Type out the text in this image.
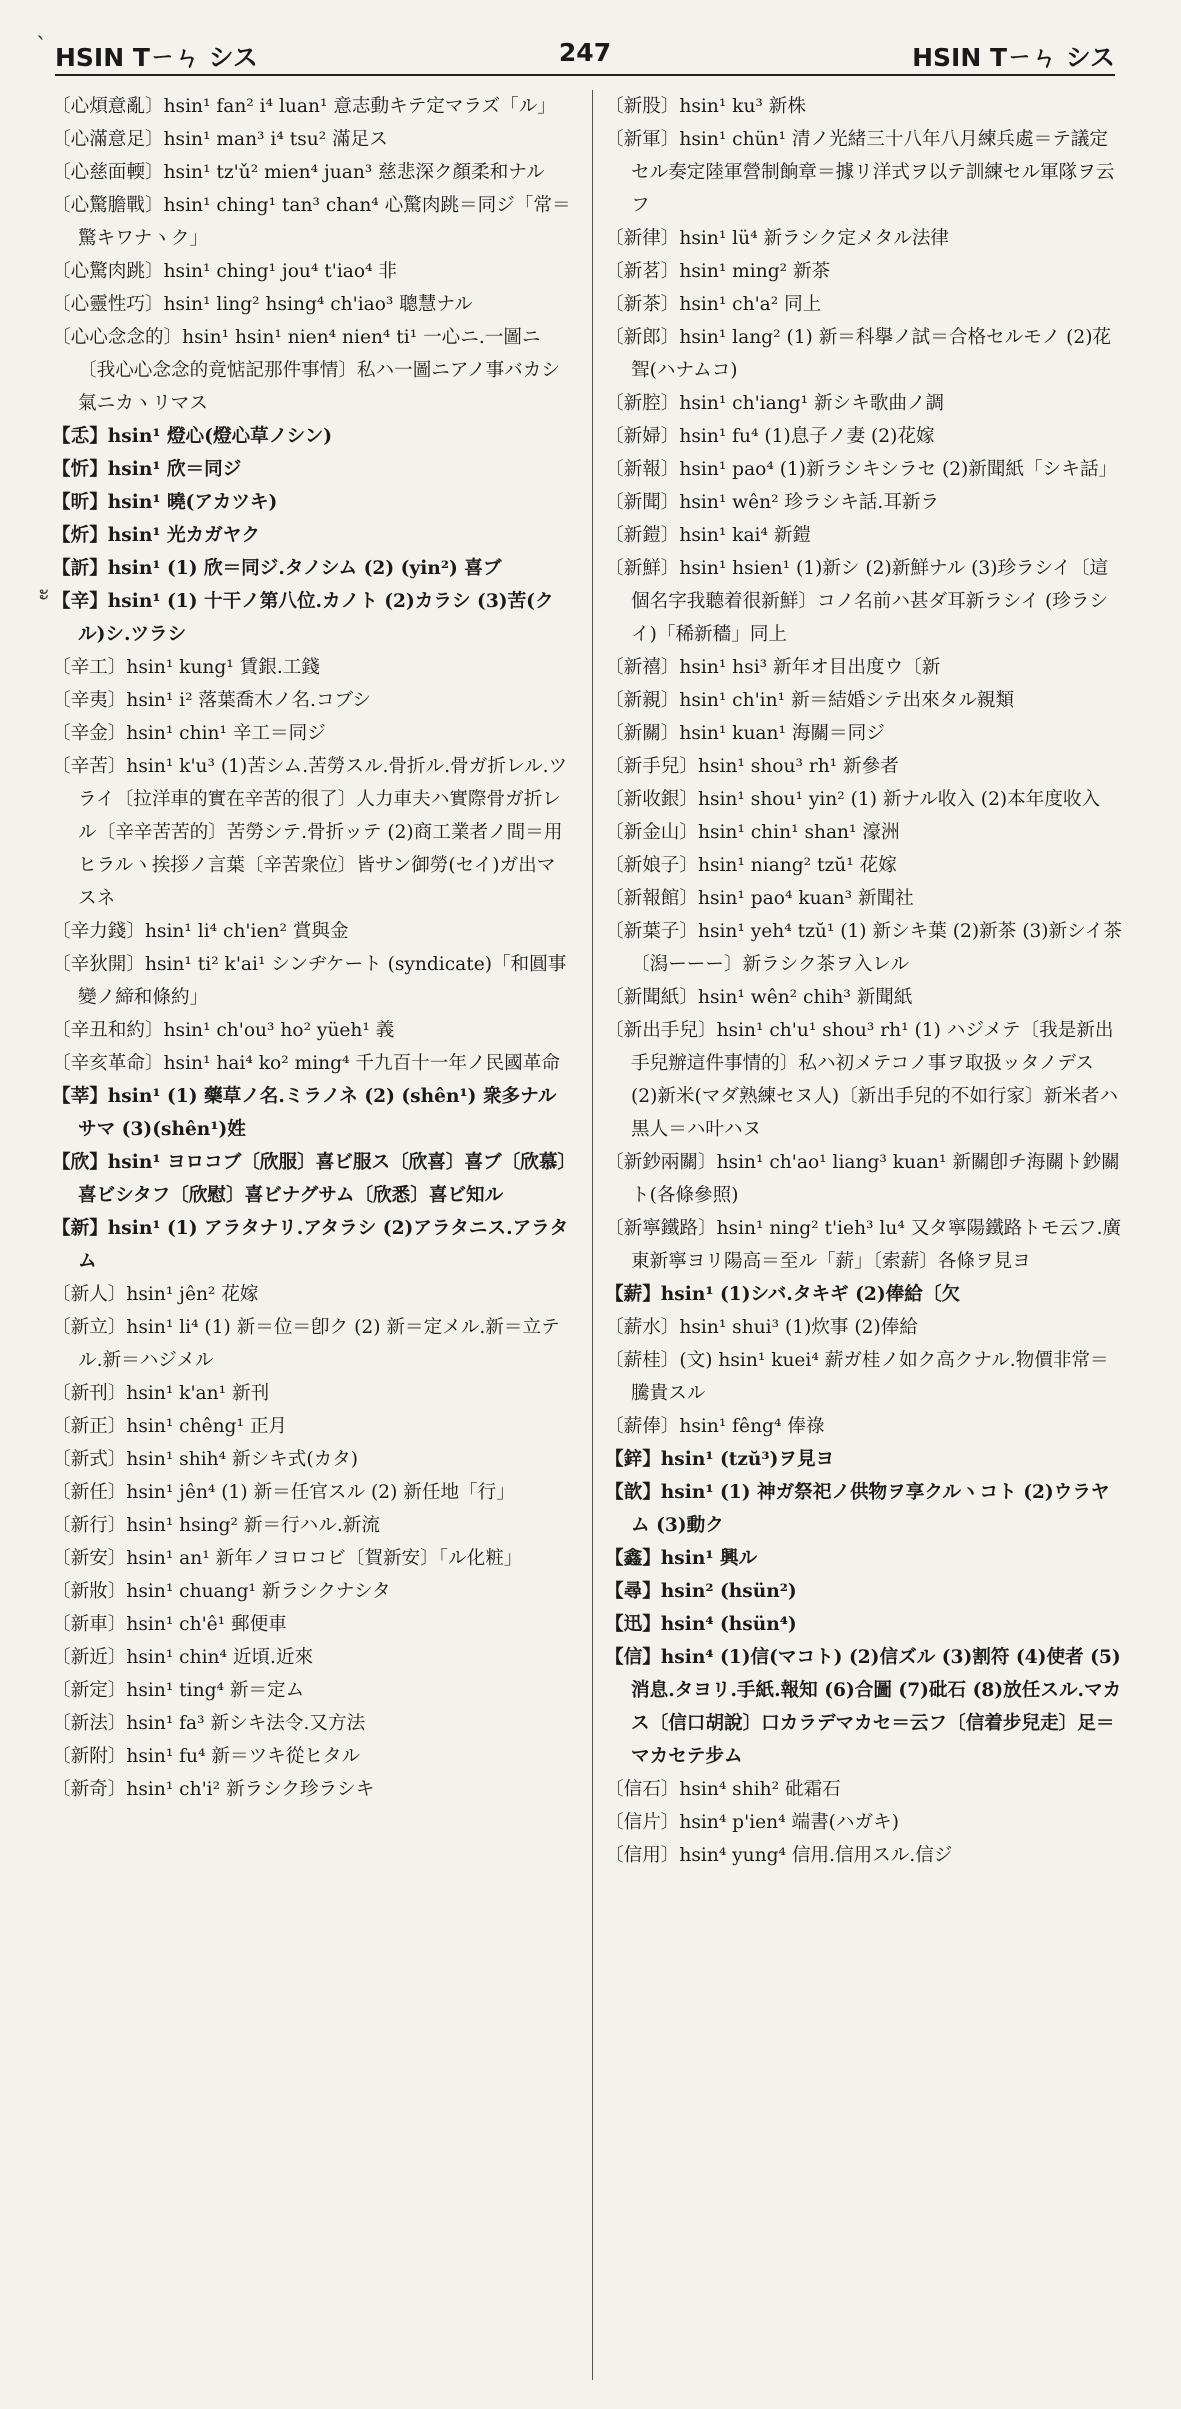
HSIN Tㄧㄣ シス	247	HSIN Tㄧㄣ シス

〔心煩意亂〕hsin¹ fan² i⁴ luan¹ 意志動キテ定マラズ「ル」

〔心滿意足〕hsin¹ man³ i⁴ tsu² 滿足ス

〔心慈面輭〕hsin¹ tz'ǔ² mien⁴ juan³ 慈悲深ク顏柔和ナル

〔心驚膽戰〕hsin¹ ching¹ tan³ chan⁴ 心驚肉跳＝同ジ「常＝驚キワナヽク」

〔心驚肉跳〕hsin¹ ching¹ jou⁴ t'iao⁴ 非

〔心靈性巧〕hsin¹ ling² hsing⁴ ch'iao³ 聰慧ナル

〔心心念念的〕hsin¹ hsin¹ nien⁴ nien⁴ ti¹ 一心ニ.一圖ニ〔我心心念念的竟惦記那件事情〕私ハ一圖ニアノ事バカシ氣ニカヽリマス

【忎】hsin¹ 燈心(燈心草ノシン)

【忻】hsin¹ 欣＝同ジ

【昕】hsin¹ 曉(アカツキ)

【炘】hsin¹ 光カガヤク

【訢】hsin¹ (1) 欣＝同ジ.タノシム (2) (yin²) 喜ブ

【辛】hsin¹ (1) 十干ノ第八位.カノト (2)カラシ (3)苦(クル)シ.ツラシ

〔辛工〕hsin¹ kung¹ 賃銀.工錢

〔辛夷〕hsin¹ i² 落葉喬木ノ名.コブシ

〔辛金〕hsin¹ chin¹ 辛工＝同ジ

〔辛苦〕hsin¹ k'u³ (1)苦シム.苦勞スル.骨折ル.骨ガ折レル.ツライ〔拉洋車的實在辛苦的很了〕人力車夫ハ實際骨ガ折レル〔辛辛苦苦的〕苦勞シテ.骨折ッテ (2)商工業者ノ間＝用ヒラルヽ挨拶ノ言葉〔辛苦衆位〕皆サン御勞(セイ)ガ出マスネ

〔辛力錢〕hsin¹ li⁴ ch'ien² 賞與金

〔辛狄開〕hsin¹ ti² k'ai¹ シンヂケート (syndicate)「和圓事變ノ締和條約」

〔辛丑和約〕hsin¹ ch'ou³ ho² yüeh¹ 義

〔辛亥革命〕hsin¹ hai⁴ ko² ming⁴ 千九百十一年ノ民國革命

【莘】hsin¹ (1) 藥草ノ名.ミラノネ (2) (shên¹) 衆多ナルサマ (3)(shên¹)姓

【欣】hsin¹ ヨロコブ〔欣服〕喜ビ服ス〔欣喜〕喜ブ〔欣慕〕喜ビシタフ〔欣慰〕喜ビナグサム〔欣悉〕喜ビ知ル

【新】hsin¹ (1) アラタナリ.アタラシ (2)アラタニス.アラタム

〔新人〕hsin¹ jên² 花嫁

〔新立〕hsin¹ li⁴ (1) 新＝位＝卽ク (2) 新＝定メル.新＝立テル.新＝ハジメル

〔新刊〕hsin¹ k'an¹ 新刊

〔新正〕hsin¹ chêng¹ 正月

〔新式〕hsin¹ shih⁴ 新シキ式(カタ)

〔新任〕hsin¹ jên⁴ (1) 新＝任官スル (2) 新任地「行」

〔新行〕hsin¹ hsing² 新＝行ハル.新流

〔新安〕hsin¹ an¹ 新年ノヨロコビ〔賀新安〕「ル化粧」

〔新妝〕hsin¹ chuang¹ 新ラシクナシタ

〔新車〕hsin¹ ch'ê¹ 郵便車

〔新近〕hsin¹ chin⁴ 近頃.近來

〔新定〕hsin¹ ting⁴ 新＝定ム

〔新法〕hsin¹ fa³ 新シキ法令.又方法

〔新附〕hsin¹ fu⁴ 新＝ツキ從ヒタル

〔新奇〕hsin¹ ch'i² 新ラシク珍ラシキ

〔新股〕hsin¹ ku³ 新株

〔新軍〕hsin¹ chün¹ 清ノ光緒三十八年八月練兵處＝テ議定セル奏定陸軍營制餉章＝據リ洋式ヲ以テ訓練セル軍隊ヲ云フ

〔新律〕hsin¹ lü⁴ 新ラシク定メタル法律

〔新茗〕hsin¹ ming² 新茶

〔新茶〕hsin¹ ch'a² 同上

〔新郎〕hsin¹ lang² (1) 新＝科擧ノ試＝合格セルモノ (2)花聟(ハナムコ)

〔新腔〕hsin¹ ch'iang¹ 新シキ歌曲ノ調

〔新婦〕hsin¹ fu⁴ (1)息子ノ妻 (2)花嫁

〔新報〕hsin¹ pao⁴ (1)新ラシキシラセ (2)新聞紙「シキ話」

〔新聞〕hsin¹ wên² 珍ラシキ話.耳新ラ

〔新鎧〕hsin¹ kai⁴ 新鎧

〔新鮮〕hsin¹ hsien¹ (1)新シ (2)新鮮ナル (3)珍ラシイ〔這個名字我聽着很新鮮〕コノ名前ハ甚ダ耳新ラシイ (珍ラシイ)「稀新穡」同上

〔新禧〕hsin¹ hsi³ 新年オ目出度ウ〔新

〔新親〕hsin¹ ch'in¹ 新＝結婚シテ出來タル親類

〔新關〕hsin¹ kuan¹ 海關＝同ジ

〔新手兒〕hsin¹ shou³ rh¹ 新參者

〔新收銀〕hsin¹ shou¹ yin² (1) 新ナル收入 (2)本年度收入

〔新金山〕hsin¹ chin¹ shan¹ 濠洲

〔新娘子〕hsin¹ niang² tzŭ¹ 花嫁

〔新報館〕hsin¹ pao⁴ kuan³ 新聞社

〔新葉子〕hsin¹ yeh⁴ tzŭ¹ (1) 新シキ葉 (2)新茶 (3)新シイ茶〔潟ーーー〕新ラシク茶ヲ入レル

〔新聞紙〕hsin¹ wên² chih³ 新聞紙

〔新出手兒〕hsin¹ ch'u¹ shou³ rh¹ (1) ハジメテ〔我是新出手兒辦這件事情的〕私ハ初メテコノ事ヲ取扱ッタノデス (2)新米(マダ熟練セヌ人)〔新出手兒的不如行家〕新米者ハ黒人＝ハ叶ハヌ

〔新鈔兩關〕hsin¹ ch'ao¹ liang³ kuan¹ 新關卽チ海關ト鈔關ト(各條參照)

〔新寧鐵路〕hsin¹ ning² t'ieh³ lu⁴ 又タ寧陽鐵路トモ云フ.廣東新寧ヨリ陽高＝至ル「薪」〔索薪〕各條ヲ見ヨ

【薪】hsin¹ (1)シバ.タキギ (2)俸給〔欠

〔薪水〕hsin¹ shui³ (1)炊事 (2)俸給

〔薪桂〕(文) hsin¹ kuei⁴ 薪ガ桂ノ如ク高クナル.物價非常＝騰貴スル

〔薪俸〕hsin¹ fêng⁴ 俸祿

【鋅】hsin¹ (tzŭ³)ヲ見ヨ

【歆】hsin¹ (1) 神ガ祭祀ノ供物ヲ享クルヽコト (2)ウラヤム (3)動ク

【鑫】hsin¹ 興ル

【尋】hsin² (hsün²)

【迅】hsin⁴ (hsün⁴)

【信】hsin⁴ (1)信(マコト) (2)信ズル (3)割符 (4)使者 (5)消息.タヨリ.手紙.報知 (6)合圖 (7)砒石 (8)放任スル.マカス〔信口胡說〕口カラデマカセ＝云フ〔信着步兒走〕足＝マカセテ步ム

〔信石〕hsin⁴ shih² 砒霜石

〔信片〕hsin⁴ p'ien⁴ 端書(ハガキ)

〔信用〕hsin⁴ yung⁴ 信用.信用スル.信ジ

ˎ
ะ
